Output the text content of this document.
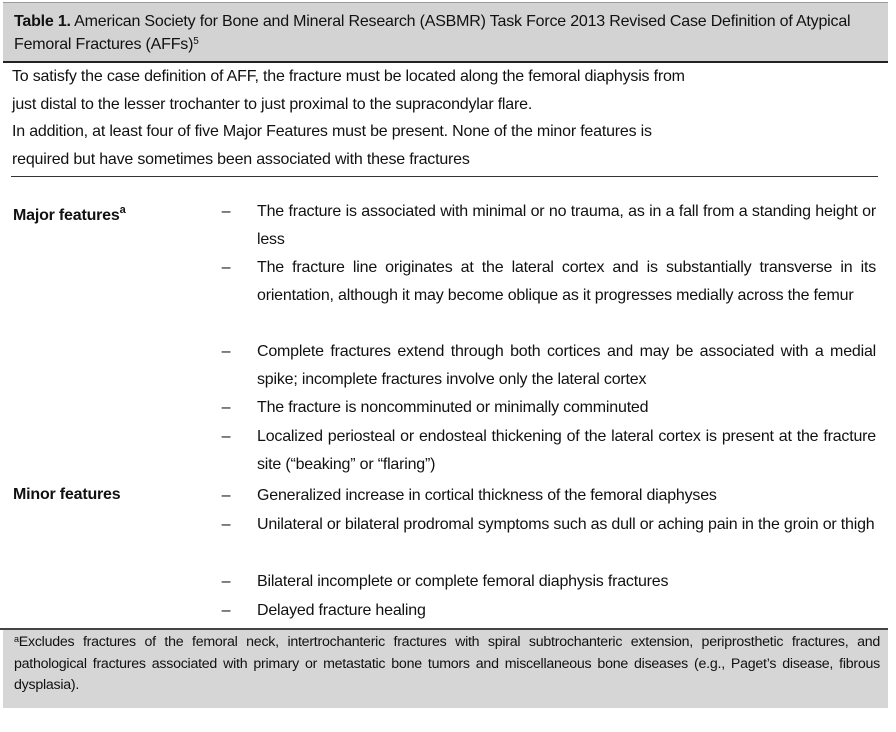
Table 1. American Society for Bone and Mineral Research (ASBMR) Task Force 2013 Revised Case Definition of Atypical Femoral Fractures (AFFs)$^5$
To satisfy the case definition of AFF, the fracture must be located along the femoral diaphysis from
just distal to the lesser trochanter to just proximal to the supracondylar flare.
In addition, at least four of five Major Features must be present. None of the minor features is
required but have sometimes been associated with these fractures
Major features$^a$	–	The fracture is associated with minimal or no trauma, as in a fall from a standing height or less
–	The fracture line originates at the lateral cortex and is substantially transverse in its orientation, although it may become oblique as it progresses medially across the femur
–	Complete fractures extend through both cortices and may be associated with a medial spike; incomplete fractures involve only the lateral cortex
–	The fracture is noncomminuted or minimally comminuted
–	Localized periosteal or endosteal thickening of the lateral cortex is present at the fracture site (“beaking” or “flaring”)
Minor features	–	Generalized increase in cortical thickness of the femoral diaphyses
–	Unilateral or bilateral prodromal symptoms such as dull or aching pain in the groin or thigh
–	Bilateral incomplete or complete femoral diaphysis fractures
–	Delayed fracture healing
$^a$Excludes fractures of the femoral neck, intertrochanteric fractures with spiral subtrochanteric extension, periprosthetic fractures, and pathological fractures associated with primary or metastatic bone tumors and miscellaneous bone diseases (e.g., Paget’s disease, fibrous dysplasia).
